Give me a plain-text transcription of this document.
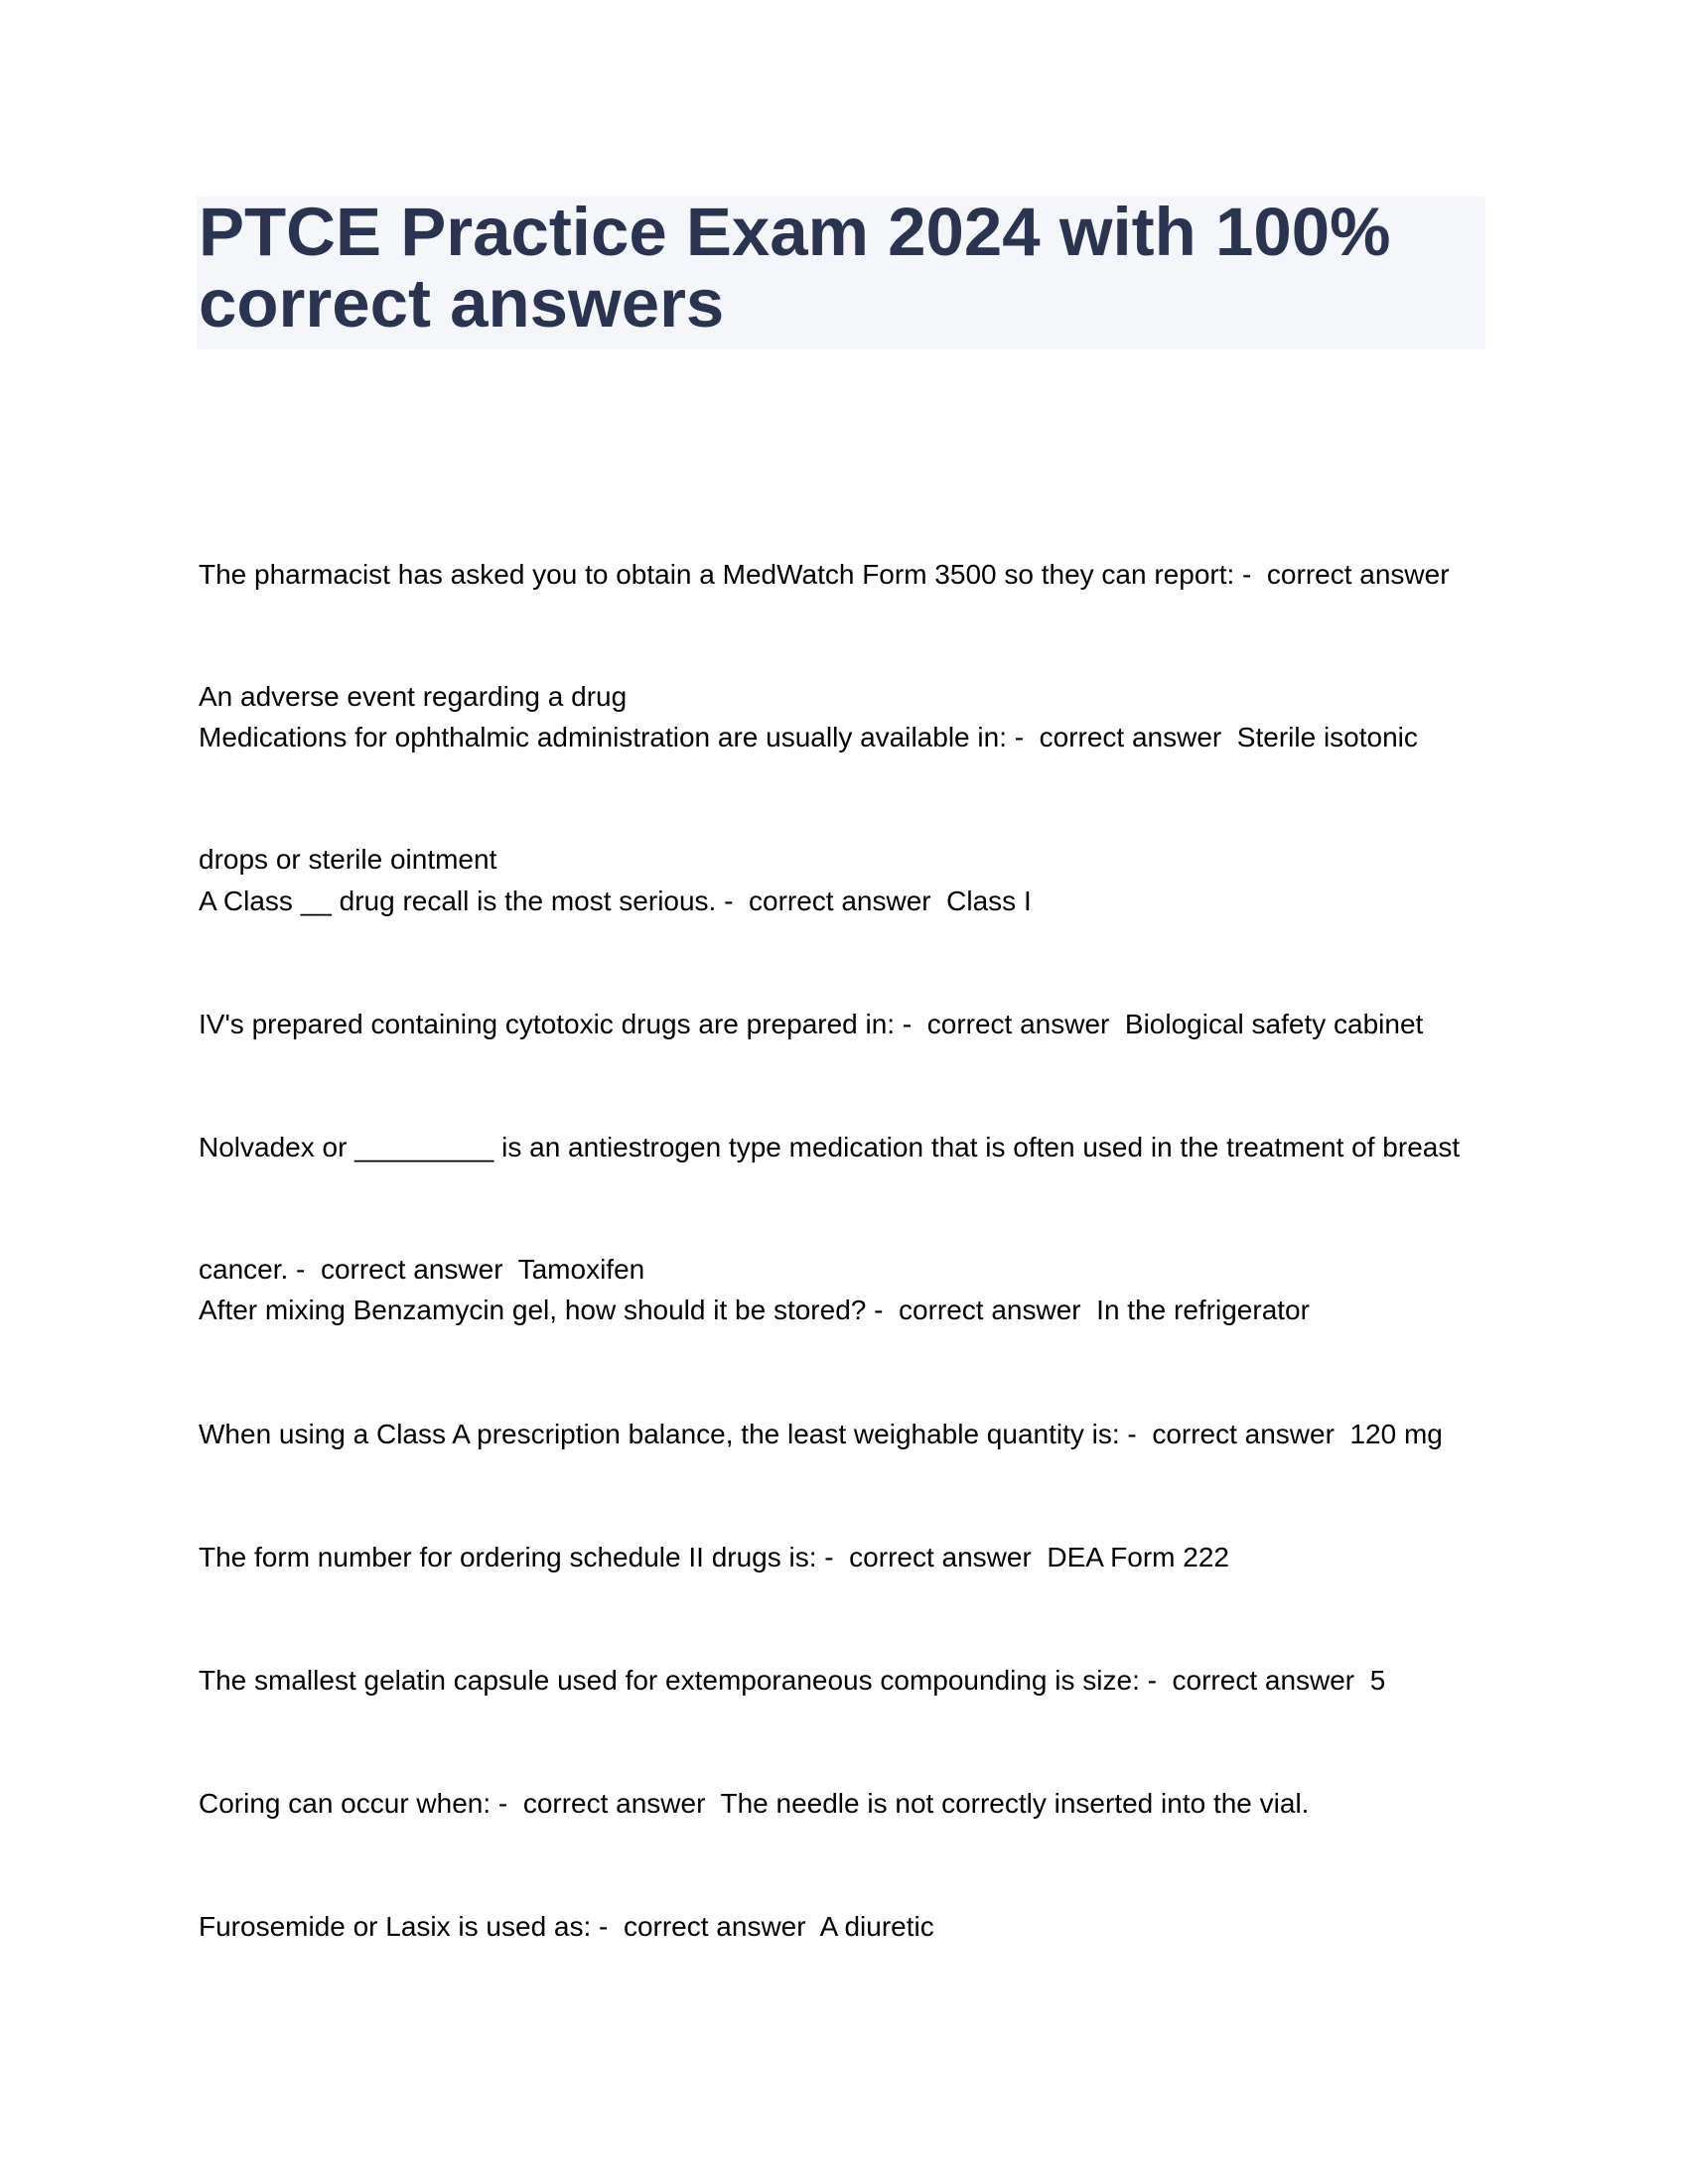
PTCE Practice Exam 2024 with 100% correct answers

The pharmacist has asked you to obtain a MedWatch Form 3500 so they can report: -  correct answer

An adverse event regarding a drug

Medications for ophthalmic administration are usually available in: -  correct answer  Sterile isotonic

drops or sterile ointment

A Class __ drug recall is the most serious. -  correct answer  Class I

IV's prepared containing cytotoxic drugs are prepared in: -  correct answer  Biological safety cabinet

Nolvadex or _________ is an antiestrogen type medication that is often used in the treatment of breast

cancer. -  correct answer  Tamoxifen

After mixing Benzamycin gel, how should it be stored? -  correct answer  In the refrigerator

When using a Class A prescription balance, the least weighable quantity is: -  correct answer  120 mg

The form number for ordering schedule II drugs is: -  correct answer  DEA Form 222

The smallest gelatin capsule used for extemporaneous compounding is size: -  correct answer  5

Coring can occur when: -  correct answer  The needle is not correctly inserted into the vial.

Furosemide or Lasix is used as: -  correct answer  A diuretic
